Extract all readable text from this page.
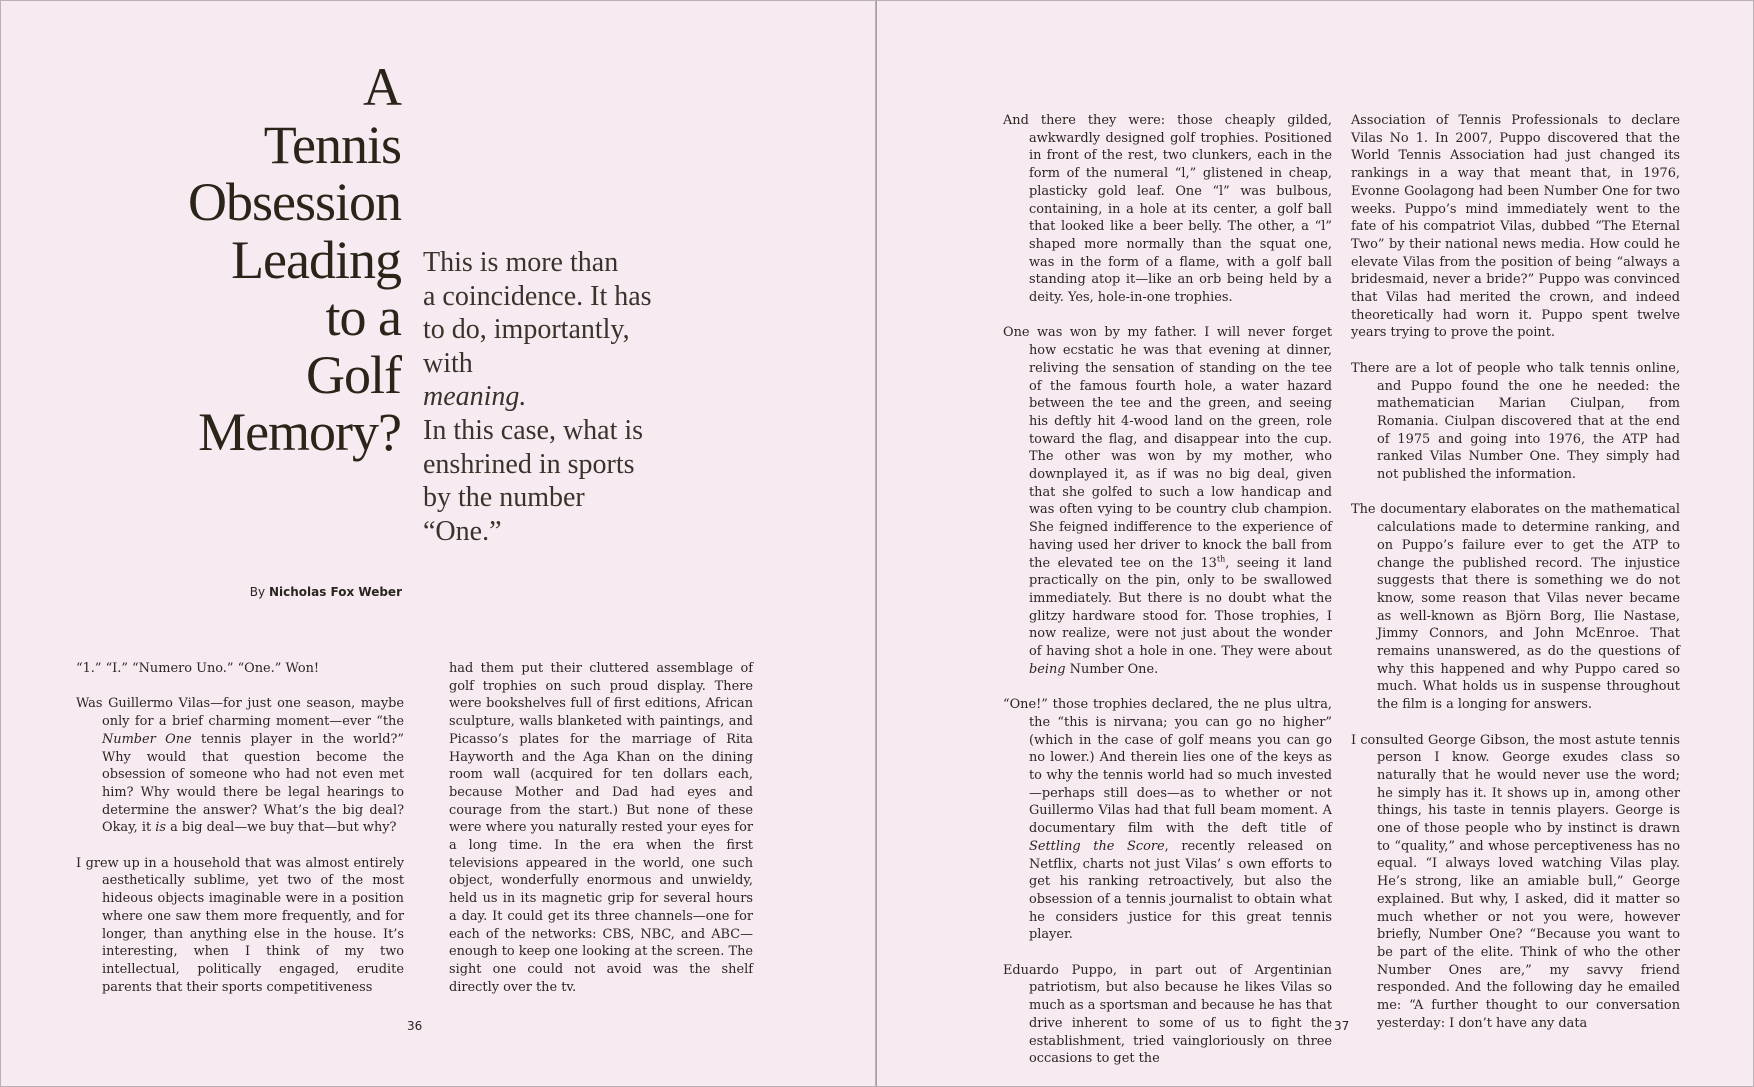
A
Tennis
Obsession
Leading
to a
Golf
Memory?

This is more than
a coincidence. It has
to do, importantly,
with
meaning.
In this case, what is
enshrined in sports
by the number
“One.”

By Nicholas Fox Weber

“1.” “I.” “Numero Uno.” “One.” Won!

Was Guillermo Vilas—for just one season, maybe only for a brief charming moment—ever “the Number One tennis player in the world?” Why would that question become the obsession of someone who had not even met him? Why would there be legal hearings to determine the answer? What’s the big deal? Okay, it is a big deal—we buy that—but why?

I grew up in a household that was almost entirely aesthetically sublime, yet two of the most hideous objects imaginable were in a position where one saw them more frequently, and for longer, than anything else in the house. It’s interesting, when I think of my two intellectual, politically engaged, erudite parents that their sports competitiveness

had them put their cluttered assemblage of golf trophies on such proud display. There were bookshelves full of first editions, African sculpture, walls blanketed with paintings, and Picasso’s plates for the marriage of Rita Hayworth and the Aga Khan on the dining room wall (acquired for ten dollars each, because Mother and Dad had eyes and courage from the start.) But none of these were where you naturally rested your eyes for a long time. In the era when the first televisions appeared in the world, one such object, wonderfully enormous and unwieldy, held us in its magnetic grip for several hours a day. It could get its three channels—one for each of the networks: CBS, NBC, and ABC—enough to keep one looking at the screen. The sight one could not avoid was the shelf directly over the tv.

36	37

And there they were: those cheaply gilded, awkwardly designed golf trophies. Positioned in front of the rest, two clunkers, each in the form of the numeral “l,” glistened in cheap, plasticky gold leaf. One “l” was bulbous, containing, in a hole at its center, a golf ball that looked like a beer belly. The other, a “l” shaped more normally than the squat one, was in the form of a flame, with a golf ball standing atop it—like an orb being held by a deity. Yes, hole-in-one trophies.

One was won by my father. I will never forget how ecstatic he was that evening at dinner, reliving the sensation of standing on the tee of the famous fourth hole, a water hazard between the tee and the green, and seeing his deftly hit 4-wood land on the green, role toward the flag, and disappear into the cup. The other was won by my mother, who downplayed it, as if was no big deal, given that she golfed to such a low handicap and was often vying to be country club champion. She feigned indifference to the experience of having used her driver to knock the ball from the elevated tee on the 13th, seeing it land practically on the pin, only to be swallowed immediately. But there is no doubt what the glitzy hardware stood for. Those trophies, I now realize, were not just about the wonder of having shot a hole in one. They were about being Number One.

“One!” those trophies declared, the ne plus ultra, the “this is nirvana; you can go no higher” (which in the case of golf means you can go no lower.) And therein lies one of the keys as to why the tennis world had so much invested—perhaps still does—as to whether or not Guillermo Vilas had that full beam moment. A documentary film with the deft title of Settling the Score, recently released on Netflix, charts not just Vilas’ s own efforts to get his ranking retroactively, but also the obsession of a tennis journalist to obtain what he considers justice for this great tennis player.

Eduardo Puppo, in part out of Argentinian patriotism, but also because he likes Vilas so much as a sportsman and because he has that drive inherent to some of us to fight the establishment, tried vaingloriously on three occasions to get the

Association of Tennis Professionals to declare Vilas No 1. In 2007, Puppo discovered that the World Tennis Association had just changed its rankings in a way that meant that, in 1976, Evonne Goolagong had been Number One for two weeks. Puppo’s mind immediately went to the fate of his compatriot Vilas, dubbed “The Eternal Two” by their national news media. How could he elevate Vilas from the position of being “always a bridesmaid, never a bride?” Puppo was convinced that Vilas had merited the crown, and indeed theoretically had worn it. Puppo spent twelve years trying to prove the point.

There are a lot of people who talk tennis online, and Puppo found the one he needed: the mathematician Marian Ciulpan, from Romania. Ciulpan discovered that at the end of 1975 and going into 1976, the ATP had ranked Vilas Number One. They simply had not published the information.

The documentary elaborates on the mathematical calculations made to determine ranking, and on Puppo’s failure ever to get the ATP to change the published record. The injustice suggests that there is something we do not know, some reason that Vilas never became as well-known as Björn Borg, Ilie Nastase, Jimmy Connors, and John McEnroe. That remains unanswered, as do the questions of why this happened and why Puppo cared so much. What holds us in suspense throughout the film is a longing for answers.

I consulted George Gibson, the most astute tennis person I know. George exudes class so naturally that he would never use the word; he simply has it. It shows up in, among other things, his taste in tennis players. George is one of those people who by instinct is drawn to “quality,” and whose perceptiveness has no equal. “I always loved watching Vilas play. He’s strong, like an amiable bull,” George explained. But why, I asked, did it matter so much whether or not you were, however briefly, Number One? “Because you want to be part of the elite. Think of who the other Number Ones are,” my savvy friend responded. And the following day he emailed me: “A further thought to our conversation yesterday: I don’t have any data
